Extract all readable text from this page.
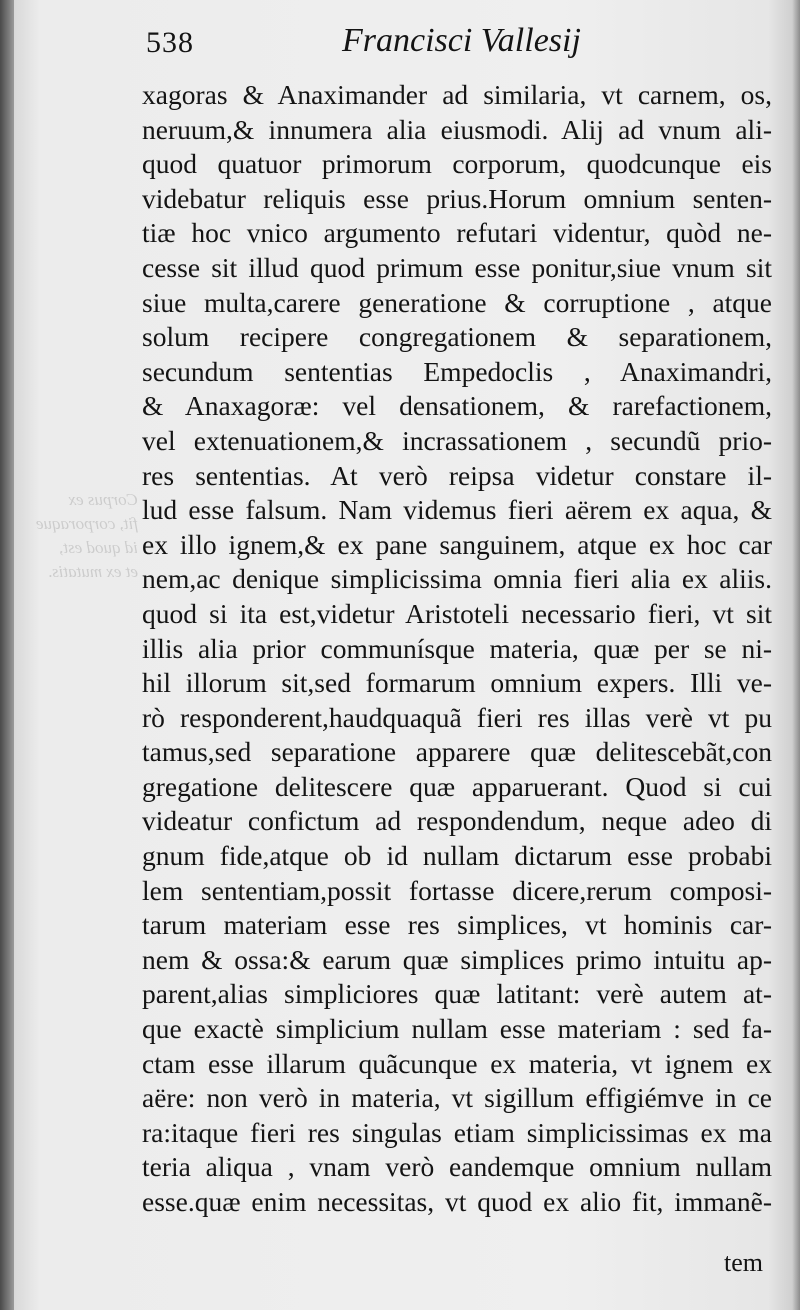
Corpus ex
fit, corporaque
id quod est,
et ex mutatis.
538	Francisci Vallesij
xagoras & Anaximander ad similaria, vt carnem, os,
neruum,& innumera alia eiusmodi. Alij ad vnum ali-
quod quatuor primorum corporum, quodcunque eis
videbatur reliquis esse prius.Horum omnium senten-
tiæ hoc vnico argumento refutari videntur, quòd ne-
cesse sit illud quod primum esse ponitur,siue vnum sit
siue multa,carere generatione & corruptione , atque
solum recipere congregationem & separationem,
secundum sententias Empedoclis , Anaximandri,
& Anaxagoræ: vel densationem, & rarefactionem,
vel extenuationem,& incrassationem , secundũ prio-
res sententias. At verò reipsa videtur constare il-
lud esse falsum. Nam videmus fieri aërem ex aqua, &
ex illo ignem,& ex pane sanguinem, atque ex hoc car
nem,ac denique simplicissima omnia fieri alia ex aliis.
quod si ita est,videtur Aristoteli necessario fieri, vt sit
illis alia prior communísque materia, quæ per se ni-
hil illorum sit,sed formarum omnium expers. Illi ve-
rò responderent,haudquaquã fieri res illas verè vt pu
tamus,sed separatione apparere quæ delitescebãt,con
gregatione delitescere quæ apparuerant. Quod si cui
videatur confictum ad respondendum, neque adeo di
gnum fide,atque ob id nullam dictarum esse probabi
lem sententiam,possit fortasse dicere,rerum composi-
tarum materiam esse res simplices, vt hominis car-
nem & ossa:& earum quæ simplices primo intuitu ap-
parent,alias simpliciores quæ latitant: verè autem at-
que exactè simplicium nullam esse materiam : sed fa-
ctam esse illarum quãcunque ex materia, vt ignem ex
aëre: non verò in materia, vt sigillum effigiémve in ce
ra:itaque fieri res singulas etiam simplicissimas ex ma
teria aliqua , vnam verò eandemque omnium nullam
esse.quæ enim necessitas, vt quod ex alio fit, immanẽ-
tem
